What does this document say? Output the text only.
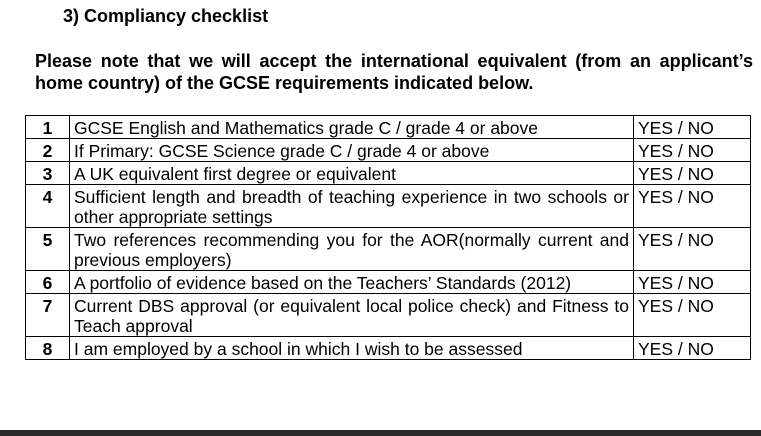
3) Compliancy checklist
Please note that we will accept the international equivalent (from an applicant’s home country) of the GCSE requirements indicated below.
1	GCSE English and Mathematics grade C / grade 4 or above	YES / NO
2	If Primary: GCSE Science grade C / grade 4 or above	YES / NO
3	A UK equivalent first degree or equivalent	YES / NO
4	Sufficient length and breadth of teaching experience in two schools or other appropriate settings	YES / NO
5	Two references recommending you for the AOR(normally current and previous employers)	YES / NO
6	A portfolio of evidence based on the Teachers’ Standards (2012)	YES / NO
7	Current DBS approval (or equivalent local police check) and Fitness to Teach approval	YES / NO
8	I am employed by a school in which I wish to be assessed	YES / NO
